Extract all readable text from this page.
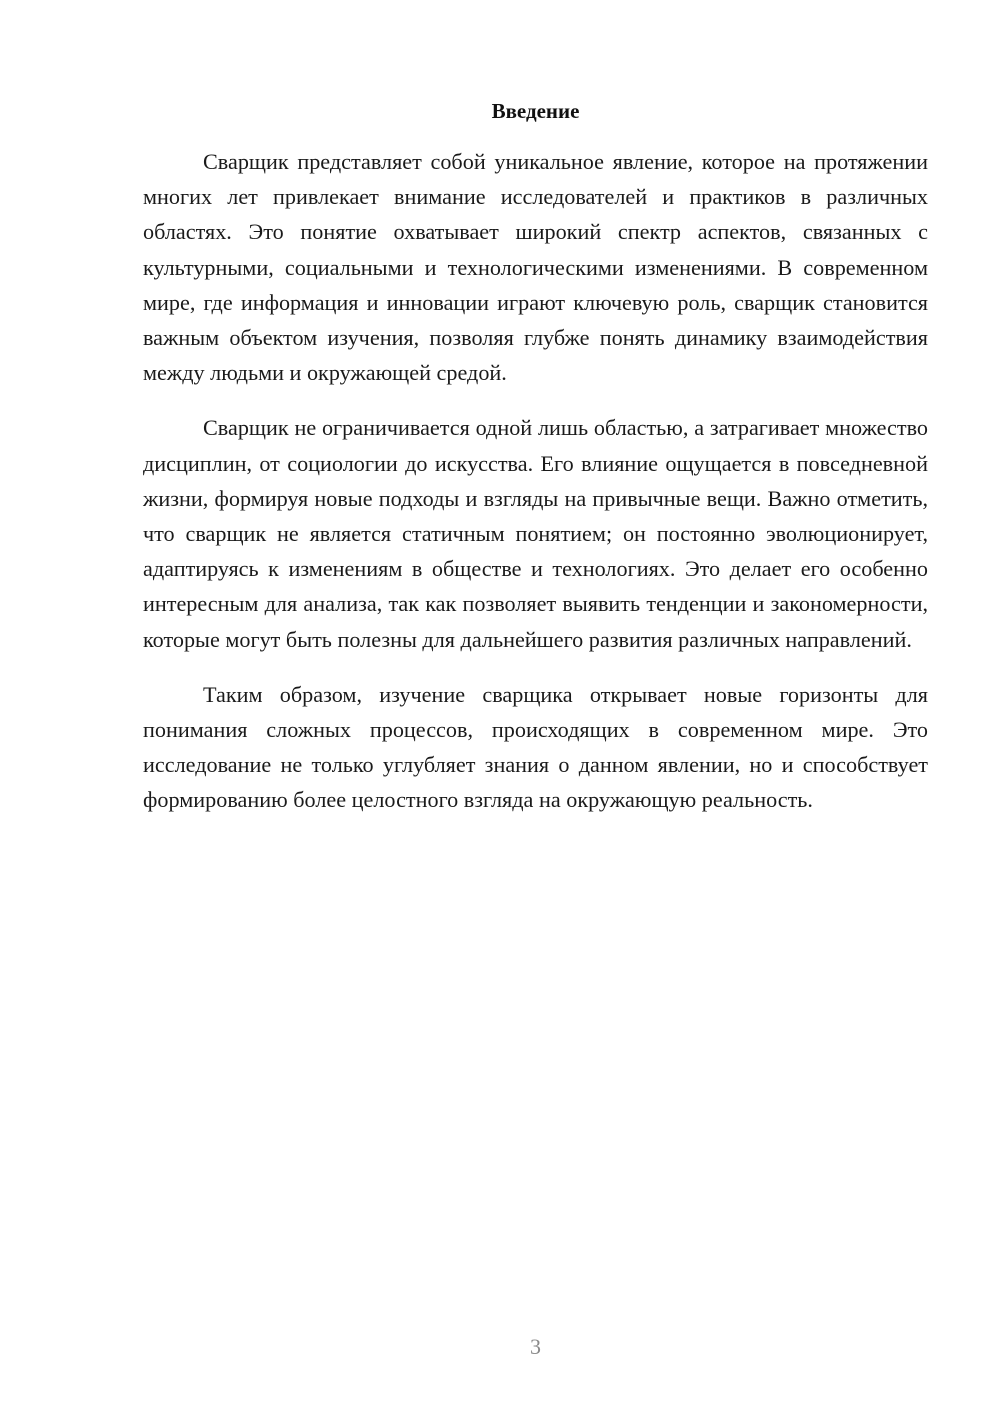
Введение

Сварщик представляет собой уникальное явление, которое на протяжении многих лет привлекает внимание исследователей и практиков в различных областях. Это понятие охватывает широкий спектр аспектов, связанных с культурными, социальными и технологическими изменениями. В современном мире, где информация и инновации играют ключевую роль, сварщик становится важным объектом изучения, позволяя глубже понять динамику взаимодействия между людьми и окружающей средой.

Сварщик не ограничивается одной лишь областью, а затрагивает множество дисциплин, от социологии до искусства. Его влияние ощущается в повседневной жизни, формируя новые подходы и взгляды на привычные вещи. Важно отметить, что сварщик не является статичным понятием; он постоянно эволюционирует, адаптируясь к изменениям в обществе и технологиях. Это делает его особенно интересным для анализа, так как позволяет выявить тенденции и закономерности, которые могут быть полезны для дальнейшего развития различных направлений.

Таким образом, изучение сварщика открывает новые горизонты для понимания сложных процессов, происходящих в современном мире. Это исследование не только углубляет знания о данном явлении, но и способствует формированию более целостного взгляда на окружающую реальность.

3
